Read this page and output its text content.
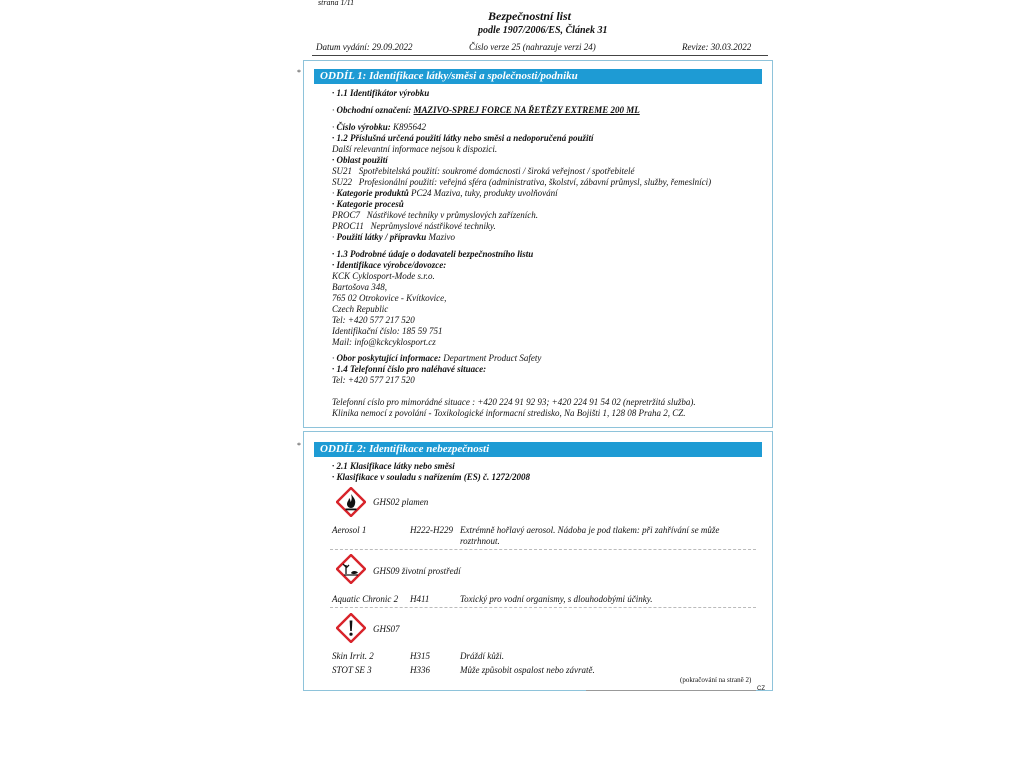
strana 1/11
Bezpečnostní list
podle 1907/2006/ES, Článek 31
Datum vydání: 29.09.2022	Číslo verze 25 (nahrazuje verzi 24)	Revize: 30.03.2022
*	ODDÍL 1: Identifikace látky/směsi a společnosti/podniku
· 1.1 Identifikátor výrobku
· Obchodní označení: MAZIVO-SPREJ FORCE NA ŘETĚZY EXTREME 200 ML
· Číslo výrobku: K895642
· 1.2 Příslušná určená použití látky nebo směsi a nedoporučená použití
Další relevantní informace nejsou k dispozici.
· Oblast použití
SU21 Spotřebitelská použití: soukromé domácnosti / široká veřejnost / spotřebitelé
SU22 Profesionální použití: veřejná sféra (administrativa, školství, zábavní průmysl, služby, řemeslníci)
· Kategorie produktů PC24 Maziva, tuky, produkty uvolňování
· Kategorie procesů
PROC7 Nástřikové techniky v průmyslových zařízeních.
PROC11 Neprůmyslové nástřikové techniky.
· Použití látky / přípravku Mazivo
· 1.3 Podrobné údaje o dodavateli bezpečnostního listu
· Identifikace výrobce/dovozce:
KCK Cyklosport-Mode s.r.o.
Bartošova 348,
765 02 Otrokovice - Kvítkovice,
Czech Republic
Tel: +420 577 217 520
Identifikační číslo: 185 59 751
Mail: info@kckcyklosport.cz
· Obor poskytující informace: Department Product Safety
· 1.4 Telefonní číslo pro naléhavé situace:
Tel: +420 577 217 520
Telefonní císlo pro mimorádné situace : +420 224 91 92 93; +420 224 91 54 02 (nepretržitá služba).
Klinika nemocí z povolání - Toxikologické informacní stredisko, Na Bojišti 1, 128 08 Praha 2, CZ.
*	ODDÍL 2: Identifikace nebezpečnosti
· 2.1 Klasifikace látky nebo směsi
· Klasifikace v souladu s nařízením (ES) č. 1272/2008
GHS02 plamen
Aerosol 1	H222-H229 Extrémně hořlavý aerosol. Nádoba je pod tlakem: při zahřívání se může
roztrhnout.
GHS09 životní prostředí
Aquatic Chronic 2 H411	Toxický pro vodní organismy, s dlouhodobými účinky.
GHS07
Skin Irrit. 2	H315	Dráždí kůži.
STOT SE 3	H336	Může způsobit ospalost nebo závratě.
(pokračování na straně 2)
CZ
